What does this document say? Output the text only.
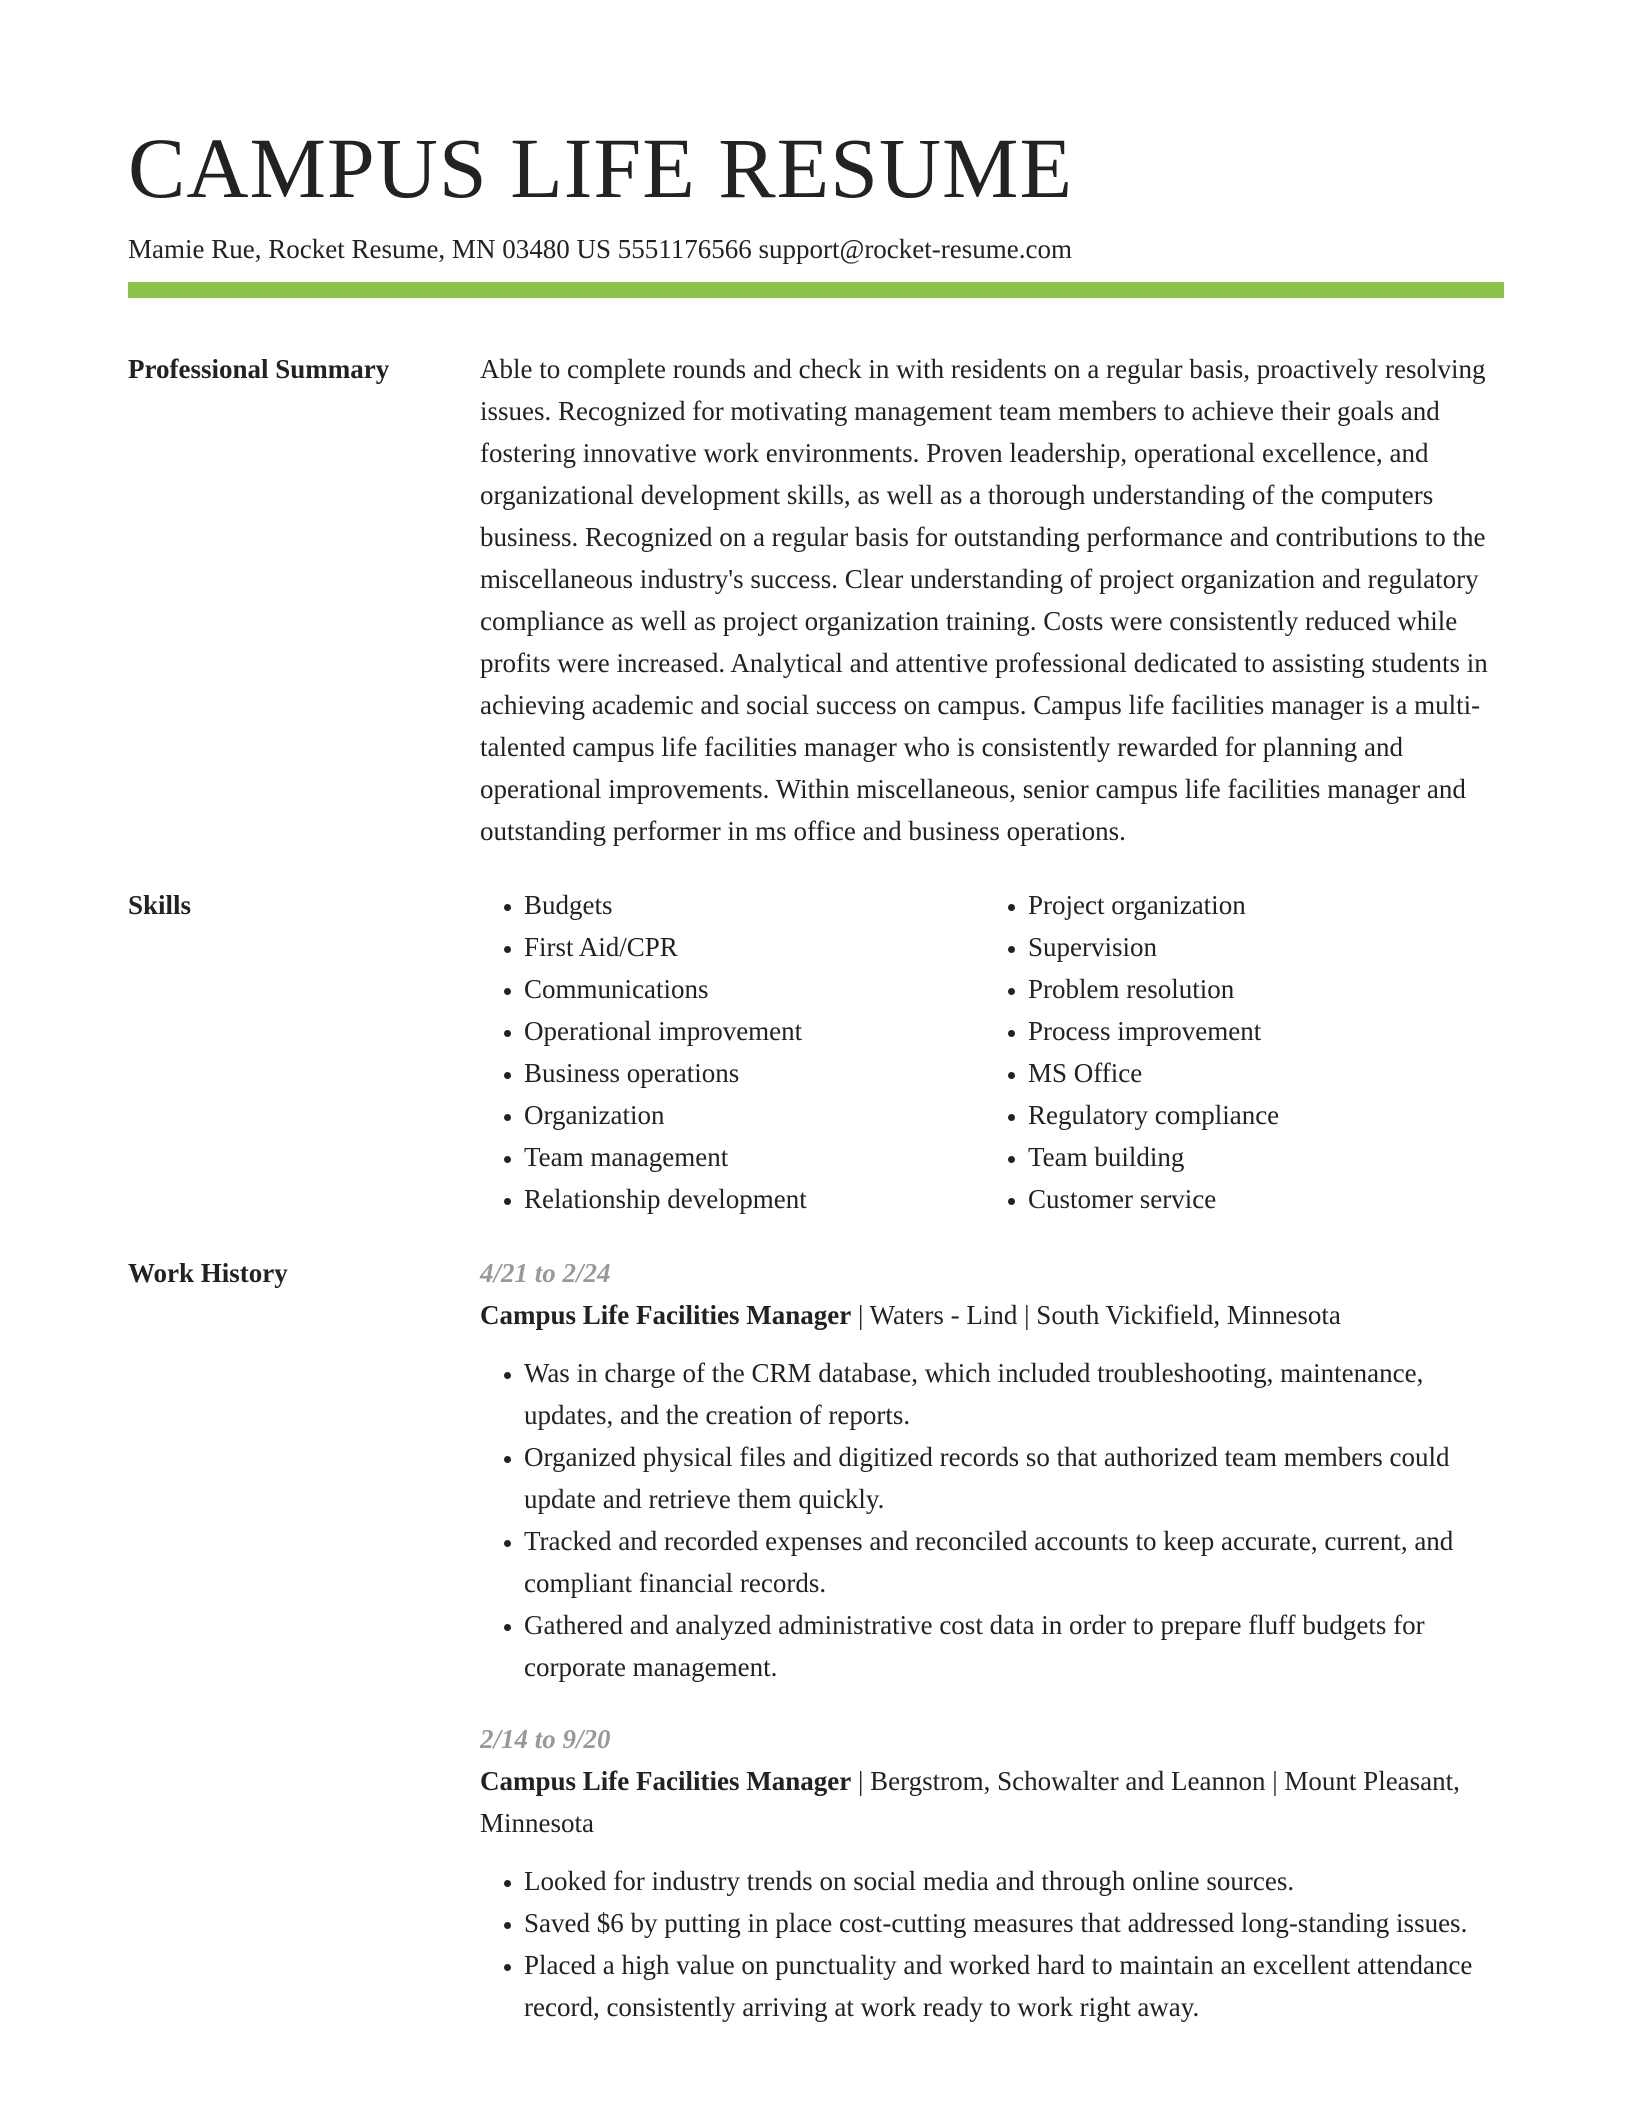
CAMPUS LIFE RESUME
Mamie Rue, Rocket Resume, MN 03480 US 5551176566 support@rocket-resume.com
Professional Summary	Able to complete rounds and check in with residents on a regular basis, proactively resolving issues. Recognized for motivating management team members to achieve their goals and fostering innovative work environments. Proven leadership, operational excellence, and organizational development skills, as well as a thorough understanding of the computers business. Recognized on a regular basis for outstanding performance and contributions to the miscellaneous industry's success. Clear understanding of project organization and regulatory compliance as well as project organization training. Costs were consistently reduced while profits were increased. Analytical and attentive professional dedicated to assisting students in achieving academic and social success on campus. Campus life facilities manager is a multi-talented campus life facilities manager who is consistently rewarded for planning and operational improvements. Within miscellaneous, senior campus life facilities manager and outstanding performer in ms office and business operations.
Skills
•	Budgets
• First Aid/CPR
• Communications
• Operational improvement
• Business operations
• Organization
• Team management
• Relationship development
• Project organization
• Supervision
• Problem resolution
• Process improvement
• MS Office
• Regulatory compliance
• Team building
• Customer service
Work History	4/21 to 2/24
Campus Life Facilities Manager | Waters - Lind | South Vickifield, Minnesota
• Was in charge of the CRM database, which included troubleshooting, maintenance, updates, and the creation of reports.
• Organized physical files and digitized records so that authorized team members could update and retrieve them quickly.
• Tracked and recorded expenses and reconciled accounts to keep accurate, current, and compliant financial records.
• Gathered and analyzed administrative cost data in order to prepare fluff budgets for corporate management.
2/14 to 9/20
Campus Life Facilities Manager | Bergstrom, Schowalter and Leannon | Mount Pleasant, Minnesota
• Looked for industry trends on social media and through online sources.
• Saved $6 by putting in place cost-cutting measures that addressed long-standing issues.
• Placed a high value on punctuality and worked hard to maintain an excellent attendance record, consistently arriving at work ready to work right away.
